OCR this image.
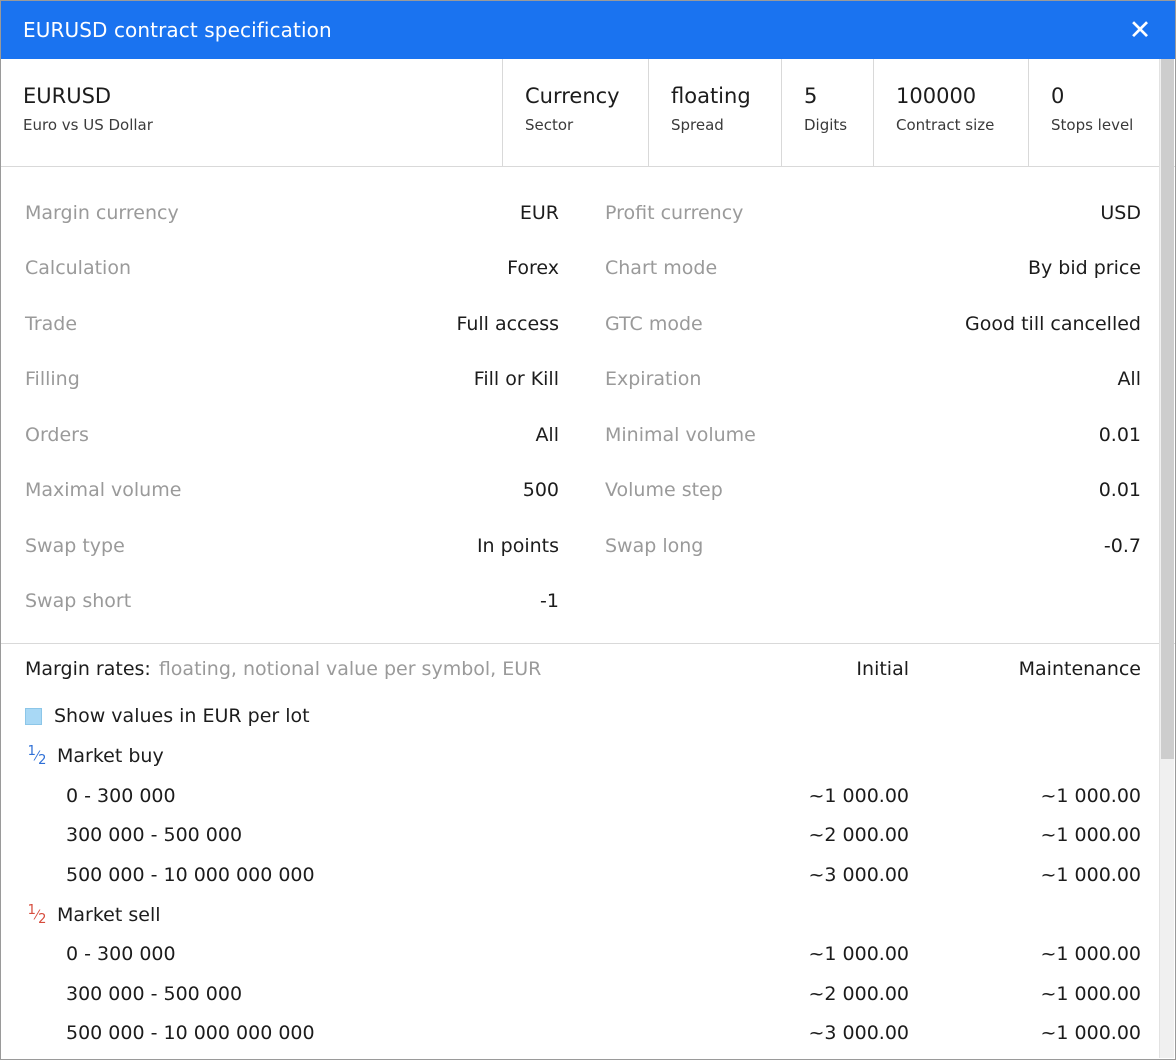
EURUSD contract specification	✕
EURUSD
Euro vs US Dollar
Currency
Sector
floating
Spread
5
Digits
100000
Contract size
0
Stops level
Margin currency	EUR Profit currency	USD
Calculation	Forex Chart mode	By bid price
Trade	Full access GTC mode	Good till cancelled
Filling	Fill or Kill Expiration	All
Orders	All Minimal volume	0.01
Maximal volume	500 Volume step	0.01
Swap type	In points Swap long	-0.7
Swap short	-1
Margin rates: floating, notional value per symbol, EUR	Initial	Maintenance
Show values in EUR per lot
$^1⁄_2$ Market buy
0 - 300 000	~1 000.00	~1 000.00
300 000 - 500 000	~2 000.00	~1 000.00
500 000 - 10 000 000 000	~3 000.00	~1 000.00
$^1⁄_2$ Market sell
0 - 300 000	~1 000.00	~1 000.00
300 000 - 500 000	~2 000.00	~1 000.00
500 000 - 10 000 000 000	~3 000.00	~1 000.00
